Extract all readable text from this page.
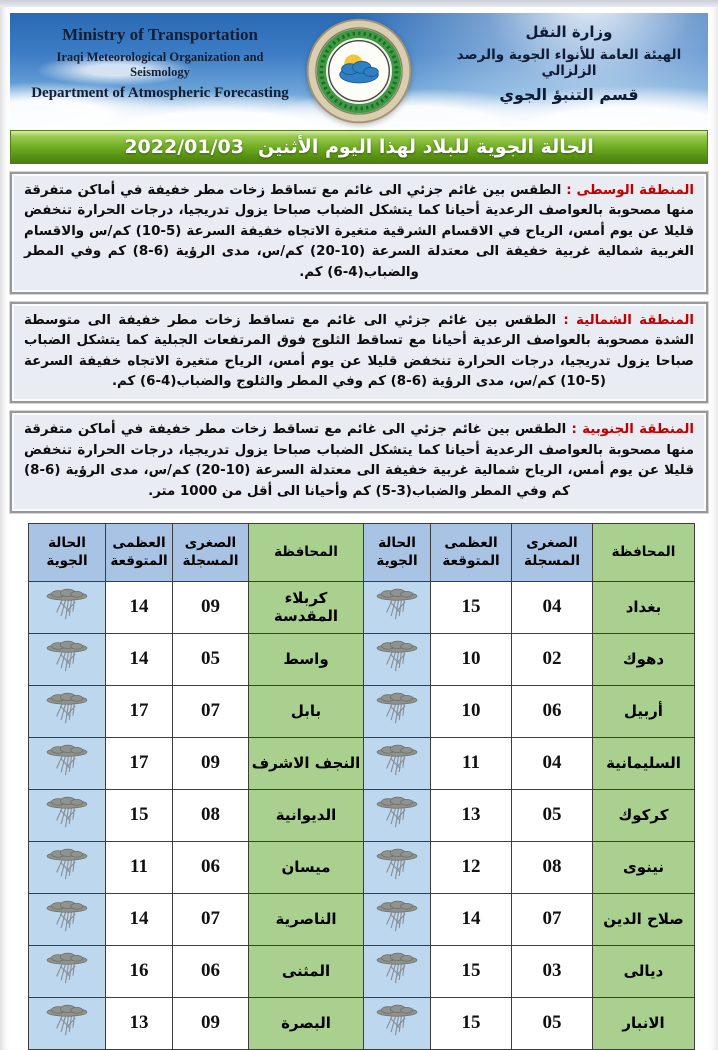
Ministry of Transportation
Iraqi Meteorological Organization and Seismology
Department of Atmospheric Forecasting
وزارة النقل
الهيئة العامة للأنواء الجوية والرصد الزلزالي
قسم التنبؤ الجوي
الحالة الجوية للبلاد لهذا اليوم الأثنين
2022/01/03
المنطقة الوسطى : الطقس بين غائم جزئي الى غائم مع تساقط زخات مطر خفيفة في أماكن متفرقة منها مصحوبة بالعواصف الرعدية أحيانا كما يتشكل الضباب صباحا يزول تدريجيا، درجات الحرارة تنخفض قليلا عن يوم أمس، الرياح في الاقسام الشرقية متغيرة الاتجاه خفيفة السرعة (5-10) كم/س والاقسام الغربية شمالية غربية خفيفة الى معتدلة السرعة (10-20) كم/س، مدى الرؤية (6-8) كم وفي المطر والضباب(4-6) كم.
المنطقة الشمالية : الطقس بين غائم جزئي الى غائم مع تساقط زخات مطر خفيفة الى متوسطة الشدة مصحوبة بالعواصف الرعدية أحيانا مع تساقط الثلوج فوق المرتفعات الجبلية كما يتشكل الضباب صباحا يزول تدريجيا، درجات الحرارة تنخفض قليلا عن يوم أمس، الرياح متغيرة الاتجاه خفيفة السرعة (5-10) كم/س، مدى الرؤية (6-8) كم وفي المطر والثلوج والضباب(4-6) كم.
المنطقة الجنوبية : الطقس بين غائم جزئي الى غائم مع تساقط زخات مطر خفيفة في أماكن متفرقة منها مصحوبة بالعواصف الرعدية أحيانا كما يتشكل الضباب صباحا يزول تدريجيا، درجات الحرارة تنخفض قليلا عن يوم أمس، الرياح شمالية غربية خفيفة الى معتدلة السرعة (10-20) كم/س، مدى الرؤية (6-8) كم وفي المطر والضباب(3-5) كم وأحيانا الى أقل من 1000 متر.
المحافظة	الصغرى المسجلة	العظمى المتوقعة	الحالة الجوية	المحافظة	الصغرى المسجلة	العظمى المتوقعة	الحالة الجوية
بغداد	04	15		كربلاء المقدسة	09	14	
دهوك	02	10		واسط	05	14	
أربيل	06	10		بابل	07	17	
السليمانية	04	11		النجف الاشرف	09	17	
كركوك	05	13		الديوانية	08	15	
نينوى	08	12		ميسان	06	11	
صلاح الدين	07	14		الناصرية	07	14	
ديالى	03	15		المثنى	06	16	
الانبار	05	15		البصرة	09	13	
